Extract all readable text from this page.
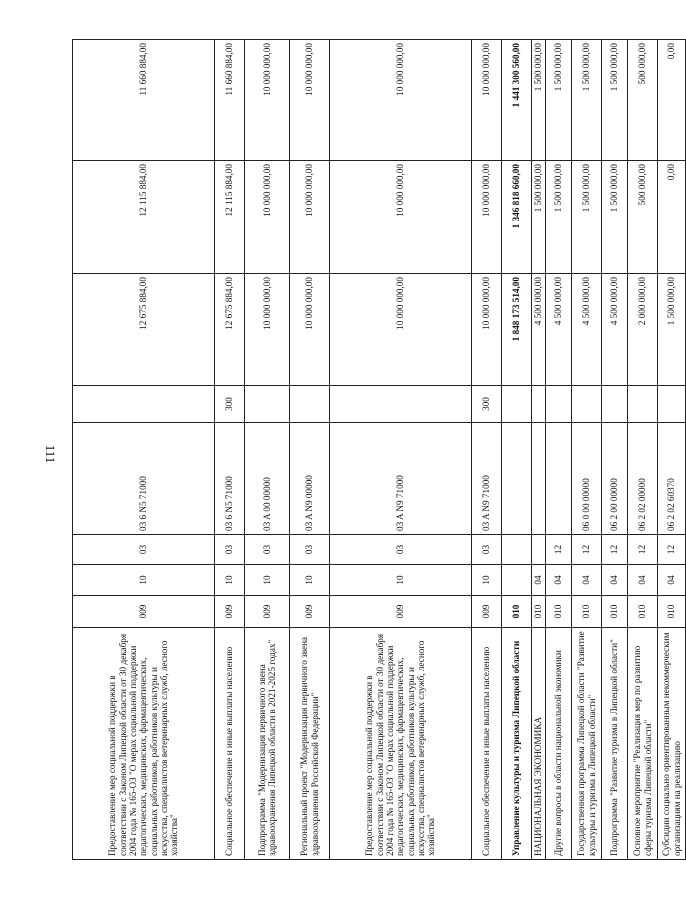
111
Предоставление мер социальной поддержки в соответствии с Законом Липецкой области от 30 декабря 2004 года № 165-ОЗ "О мерах социальной поддержки педагогических, медицинских, фармацевтических, социальных работников, работников культуры и искусства, специалистов ветеринарных служб, лесного хозяйства"	009	10	03	03 6 N5 71000		12 675 884,00	12 115 884,00	11 660 884,00
Социальное обеспечение и иные выплаты населению	009	10	03	03 6 N5 71000	300	12 675 884,00	12 115 884,00	11 660 884,00
Подпрограмма "Модернизация первичного звена здравоохранения Липецкой области в 2021-2025 годах"	009	10	03	03 A 00 00000		10 000 000,00	10 000 000,00	10 000 000,00
Региональный проект "Модернизация первичного звена здравоохранения Российской Федерации"	009	10	03	03 A N9 00000		10 000 000,00	10 000 000,00	10 000 000,00
Предоставление мер социальной поддержки в соответствии с Законом Липецкой области от 30 декабря 2004 года № 165-ОЗ "О мерах социальной поддержки педагогических, медицинских, фармацевтических, социальных работников, работников культуры и искусства, специалистов ветеринарных служб, лесного хозяйства"	009	10	03	03 A N9 71000		10 000 000,00	10 000 000,00	10 000 000,00
Социальное обеспечение и иные выплаты населению	009	10	03	03 A N9 71000	300	10 000 000,00	10 000 000,00	10 000 000,00
Управление культуры и туризма Липецкой области	010					1 848 173 514,00	1 346 818 660,00	1 441 300 560,00
НАЦИОНАЛЬНАЯ ЭКОНОМИКА	010	04				4 500 000,00	1 500 000,00	1 500 000,00
Другие вопросы в области национальной экономики	010	04	12			4 500 000,00	1 500 000,00	1 500 000,00
Государственная программа Липецкой области "Развитие культуры и туризма в Липецкой области"	010	04	12	06 0 00 00000		4 500 000,00	1 500 000,00	1 500 000,00
Подпрограмма "Развитие туризма в Липецкой области"	010	04	12	06 2 00 00000		4 500 000,00	1 500 000,00	1 500 000,00
Основное мероприятие "Реализация мер по развитию сферы туризма Липецкой области"	010	04	12	06 2 02 00000		2 000 000,00	500 000,00	500 000,00
Субсидии социально ориентированным некоммерческим организациям на реализацию	010	04	12	06 2 02 60370		1 500 000,00	0,00	0,00
